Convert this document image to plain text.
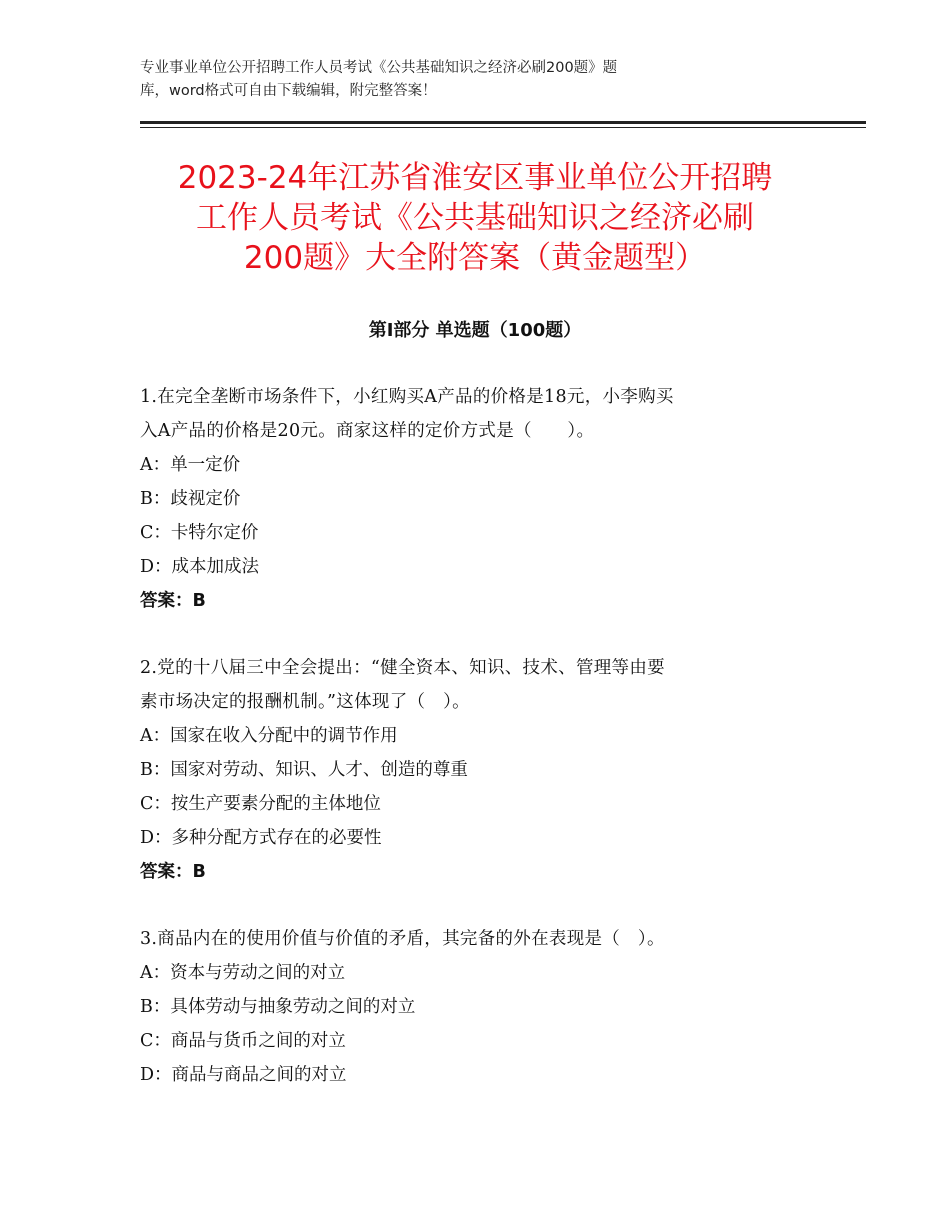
专业事业单位公开招聘工作人员考试《公共基础知识之经济必刷200题》题
库，word格式可自由下载编辑，附完整答案！
2023-24年江苏省淮安区事业单位公开招聘
工作人员考试《公共基础知识之经济必刷
200题》大全附答案（黄金题型）
第Ⅰ部分 单选题（100题）
1.在完全垄断市场条件下，小红购买A产品的价格是18元，小李购买
入A产品的价格是20元。商家这样的定价方式是（　　）。
A：单一定价
B：歧视定价
C：卡特尔定价
D：成本加成法
答案：B
2.党的十八届三中全会提出：“健全资本、知识、技术、管理等由要
素市场决定的报酬机制。”这体现了（　）。
A：国家在收入分配中的调节作用
B：国家对劳动、知识、人才、创造的尊重
C：按生产要素分配的主体地位
D：多种分配方式存在的必要性
答案：B
3.商品内在的使用价值与价值的矛盾，其完备的外在表现是（　）。
A：资本与劳动之间的对立
B：具体劳动与抽象劳动之间的对立
C：商品与货币之间的对立
D：商品与商品之间的对立
